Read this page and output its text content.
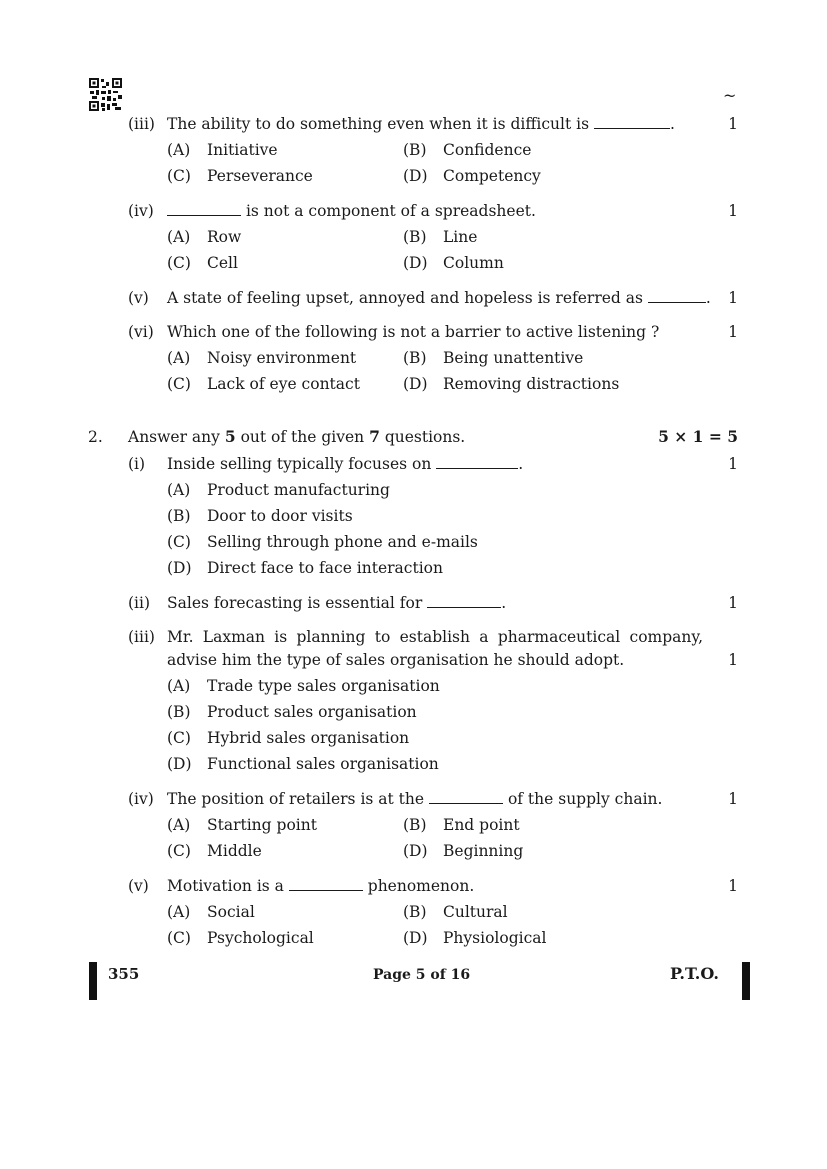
~
(iii) The ability to do something even when it is difficult is	.	1
(A) Initiative	(B) Confidence
(C) Perseverance	(D) Competency
(iv)	is not a component of a spreadsheet.	1
(A) Row	(B) Line
(C) Cell	(D) Column
(v)	A state of feeling upset, annoyed and hopeless is referred as	. 1
(vi) Which one of the following is not a barrier to active listening ?	1
(A) Noisy environment	(B) Being unattentive
(C) Lack of eye contact	(D) Removing distractions
2. Answer any 5 out of the given 7 questions.	5 × 1 = 5
(i)	Inside selling typically focuses on	.	1
(A) Product manufacturing
(B) Door to door visits
(C) Selling through phone and e-mails
(D) Direct face to face interaction
(ii)	Sales forecasting is essential for	.	1
(iii) Mr. Laxman is planning to establish a pharmaceutical company,
advise him the type of sales organisation he should adopt.	1
(A) Trade type sales organisation
(B) Product sales organisation
(C) Hybrid sales organisation
(D) Functional sales organisation
(iv) The position of retailers is at the	of the supply chain.	1
(A) Starting point	(B) End point
(C) Middle	(D) Beginning
(v)	Motivation is a	phenomenon.	1
(A) Social	(B) Cultural
(C) Psychological	(D) Physiological
355	Page 5 of 16	P.T.O.
